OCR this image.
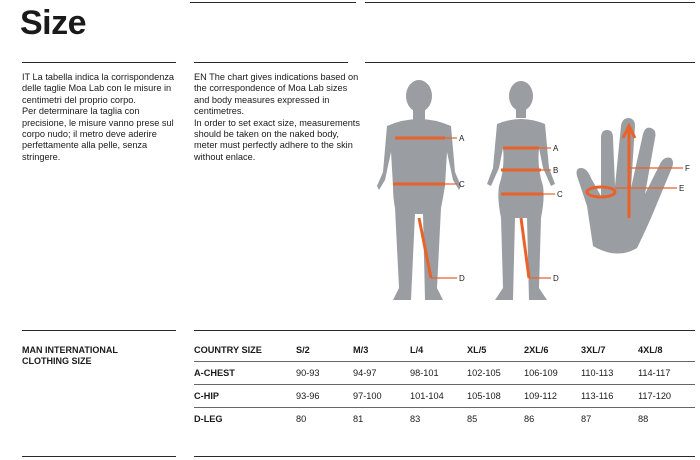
Size

IT La tabella indica la corrispondenza delle taglie Moa Lab con le misure in centimetri del proprio corpo.

Per determinare la taglia con precisione, le misure vanno prese sul corpo nudo; il metro deve aderire perfettamente alla pelle, senza stringere.

EN The chart gives indications based on the correspondence of Moa Lab sizes and body measures expressed in centimetres.

In order to set exact size, measurements should be taken on the naked body, meter must perfectly adhere to the skin without enlace.

A
C
D
A
B
C
D
F
E
MAN INTERNATIONAL CLOTHING SIZE
COUNTRY SIZE	S/2	M/3	L/4	XL/5	2XL/6	3XL/7	4XL/8
A-CHEST	90-93	94-97	98-101	102-105	106-109	110-113	114-117
C-HIP	93-96	97-100	101-104	105-108	109-112	113-116	117-120
D-LEG	80	81	83	85	86	87	88
